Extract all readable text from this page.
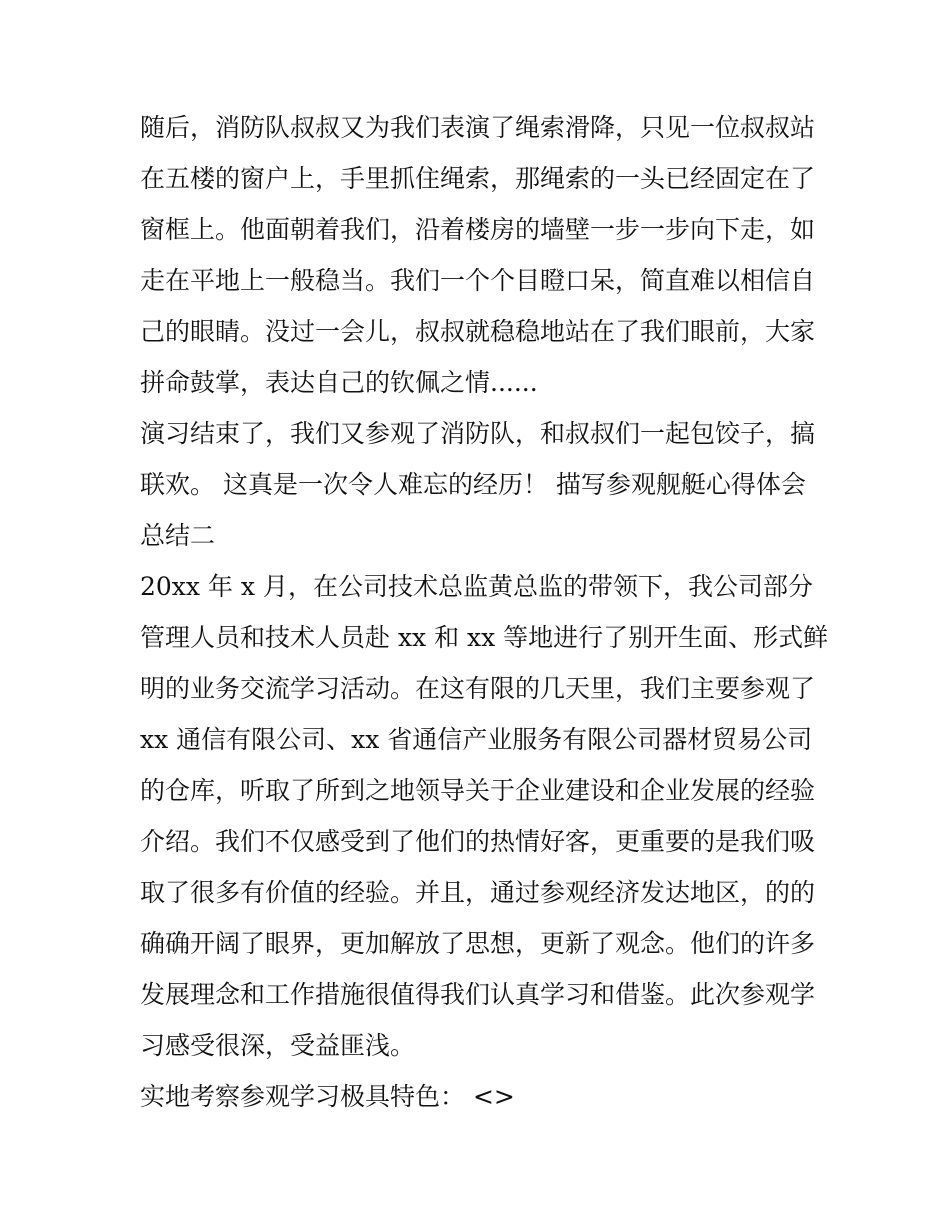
随后，消防队叔叔又为我们表演了绳索滑降，只见一位叔叔站
在五楼的窗户上，手里抓住绳索，那绳索的一头已经固定在了
窗框上。他面朝着我们，沿着楼房的墙壁一步一步向下走，如
走在平地上一般稳当。我们一个个目瞪口呆，简直难以相信自
己的眼睛。没过一会儿，叔叔就稳稳地站在了我们眼前，大家
拼命鼓掌，表达自己的钦佩之情......
演习结束了，我们又参观了消防队，和叔叔们一起包饺子，搞
联欢。 这真是一次令人难忘的经历！ 描写参观舰艇心得体会
总结二
20xx 年 x 月，在公司技术总监黄总监的带领下，我公司部分
管理人员和技术人员赴 xx 和 xx 等地进行了别开生面、形式鲜
明的业务交流学习活动。在这有限的几天里，我们主要参观了
xx 通信有限公司、xx 省通信产业服务有限公司器材贸易公司
的仓库，听取了所到之地领导关于企业建设和企业发展的经验
介绍。我们不仅感受到了他们的热情好客，更重要的是我们吸
取了很多有价值的经验。并且，通过参观经济发达地区，的的
确确开阔了眼界，更加解放了思想，更新了观念。他们的许多
发展理念和工作措施很值得我们认真学习和借鉴。此次参观学
习感受很深，受益匪浅。
实地考察参观学习极具特色： <>
